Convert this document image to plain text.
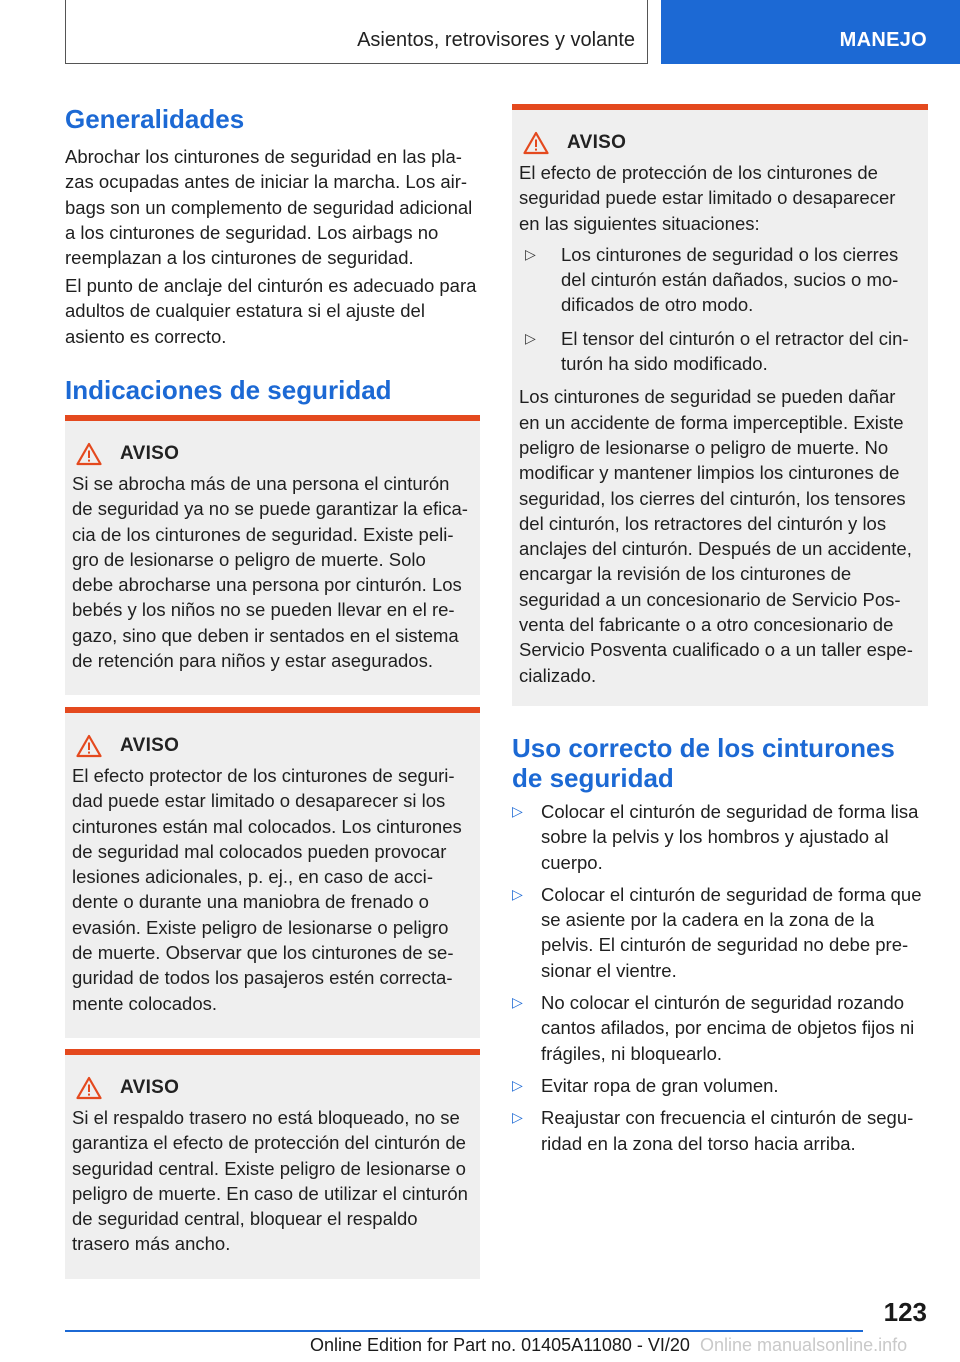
Asientos, retrovisores y volante	MANEJO
Generalidades

Abrochar los cinturones de seguridad en las plazas ocupadas antes de iniciar la marcha. Los airbags son un complemento de seguridad adicional a los cinturones de seguridad. Los airbags no reemplazan a los cinturones de seguridad.

El punto de anclaje del cinturón es adecuado para adultos de cualquier estatura si el ajuste del asiento es correcto.

Indicaciones de seguridad
AVISO

Si se abrocha más de una persona el cinturón de seguridad ya no se puede garantizar la eficacia de los cinturones de seguridad. Existe peligro de lesionarse o peligro de muerte. Solo debe abrocharse una persona por cinturón. Los bebés y los niños no se pueden llevar en el regazo, sino que deben ir sentados en el sistema de retención para niños y estar asegurados.

AVISO

El efecto protector de los cinturones de seguridad puede estar limitado o desaparecer si los cinturones están mal colocados. Los cinturones de seguridad mal colocados pueden provocar lesiones adicionales, p. ej., en caso de accidente o durante una maniobra de frenado o evasión. Existe peligro de lesionarse o peligro de muerte. Observar que los cinturones de seguridad de todos los pasajeros estén correctamente colocados.

AVISO

Si el respaldo trasero no está bloqueado, no se garantiza el efecto de protección del cinturón de seguridad central. Existe peligro de lesionarse o peligro de muerte. En caso de utilizar el cinturón de seguridad central, bloquear el respaldo trasero más ancho.

AVISO

El efecto de protección de los cinturones de seguridad puede estar limitado o desaparecer en las siguientes situaciones:

▷	Los cinturones de seguridad o los cierres del cinturón están dañados, sucios o modificados de otro modo.
▷	El tensor del cinturón o el retractor del cinturón ha sido modificado.

Los cinturones de seguridad se pueden dañar en un accidente de forma imperceptible. Existe peligro de lesionarse o peligro de muerte. No modificar y mantener limpios los cinturones de seguridad, los cierres del cinturón, los tensores del cinturón, los retractores del cinturón y los anclajes del cinturón. Después de un accidente, encargar la revisión de los cinturones de seguridad a un concesionario de Servicio Posventa del fabricante o a otro concesionario de Servicio Posventa cualificado o a un taller especializado.

Uso correcto de los cinturones de seguridad
▷ Colocar el cinturón de seguridad de forma lisa sobre la pelvis y los hombros y ajustado al cuerpo.
▷ Colocar el cinturón de seguridad de forma que se asiente por la cadera en la zona de la pelvis. El cinturón de seguridad no debe presionar el vientre.
▷ No colocar el cinturón de seguridad rozando cantos afilados, por encima de objetos fijos ni frágiles, ni bloquearlo.
▷ Evitar ropa de gran volumen.
▷ Reajustar con frecuencia el cinturón de seguridad en la zona del torso hacia arriba.
123
Online Edition for Part no. 01405A11080 - VI/20 Online manualsonline.info
